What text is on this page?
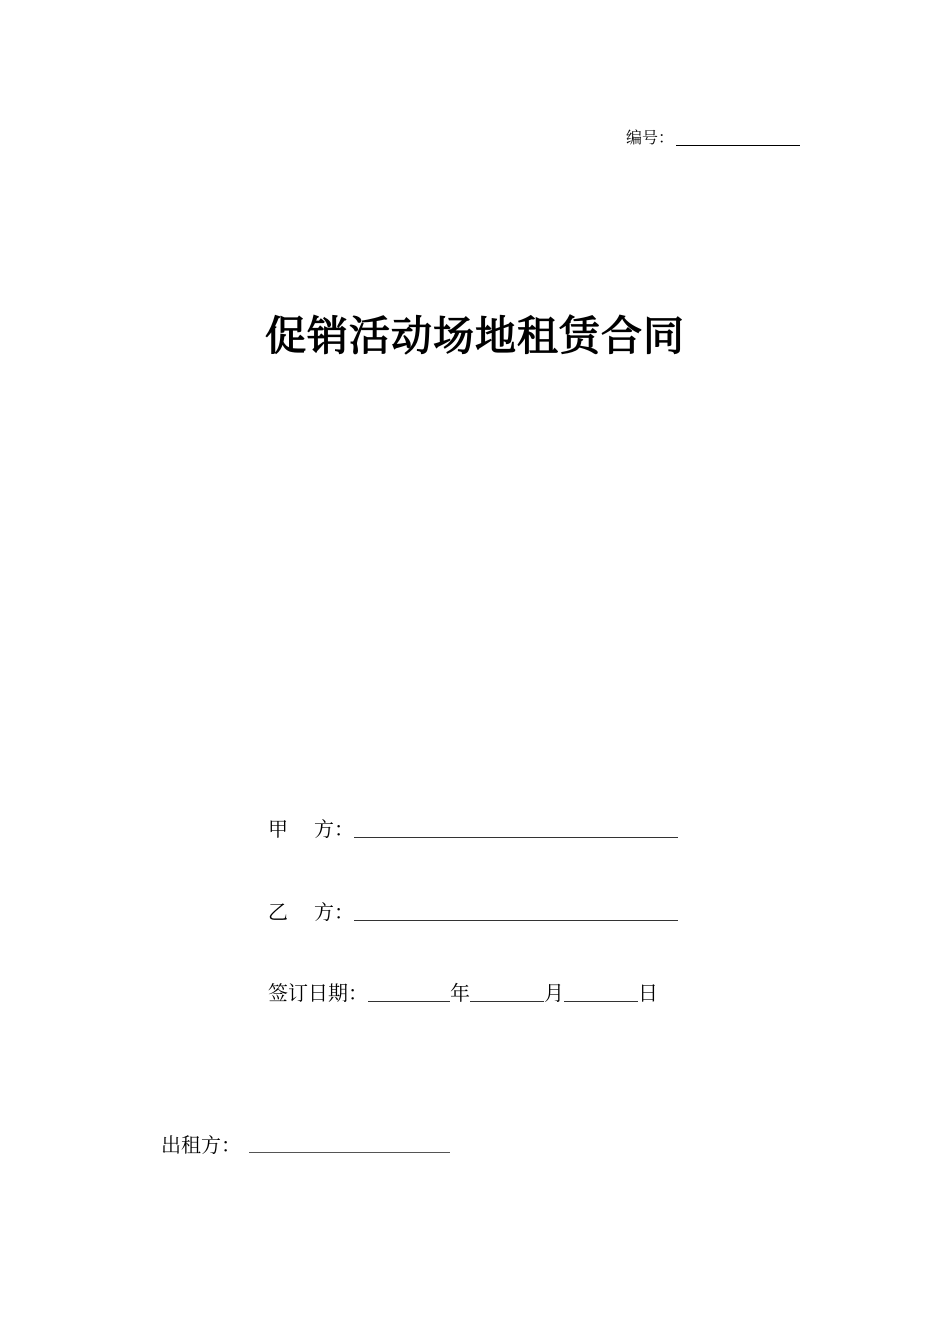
编号：
促销活动场地租赁合同
甲 方：
乙 方：
签订日期：	年	月	日
出租方：
